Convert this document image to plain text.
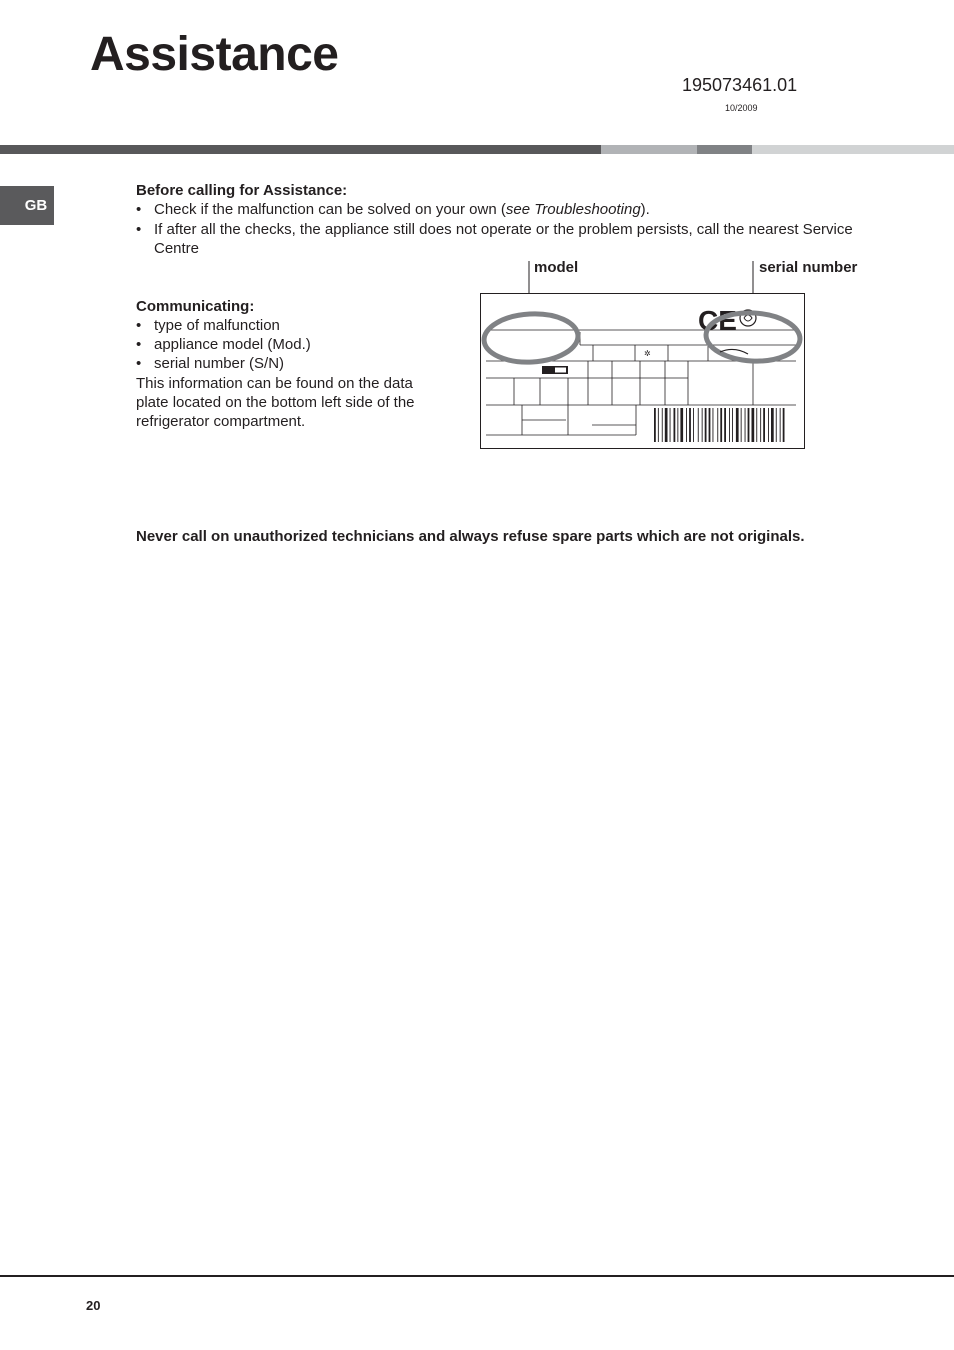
Assistance
195073461.01
10/2009
GB
Before calling for Assistance:
• Check if the malfunction can be solved on your own (see Troubleshooting).
• If after all the checks, the appliance still does not operate or the problem persists, call the nearest Service
Centre
Communicating:
• type of malfunction
• appliance model (Mod.)
• serial number (S/N)
This information can be found on the data
plate located on the bottom left side of the
refrigerator compartment.
model	serial number
CE
✲
Never call on unauthorized technicians and always refuse spare parts which are not originals.
20
